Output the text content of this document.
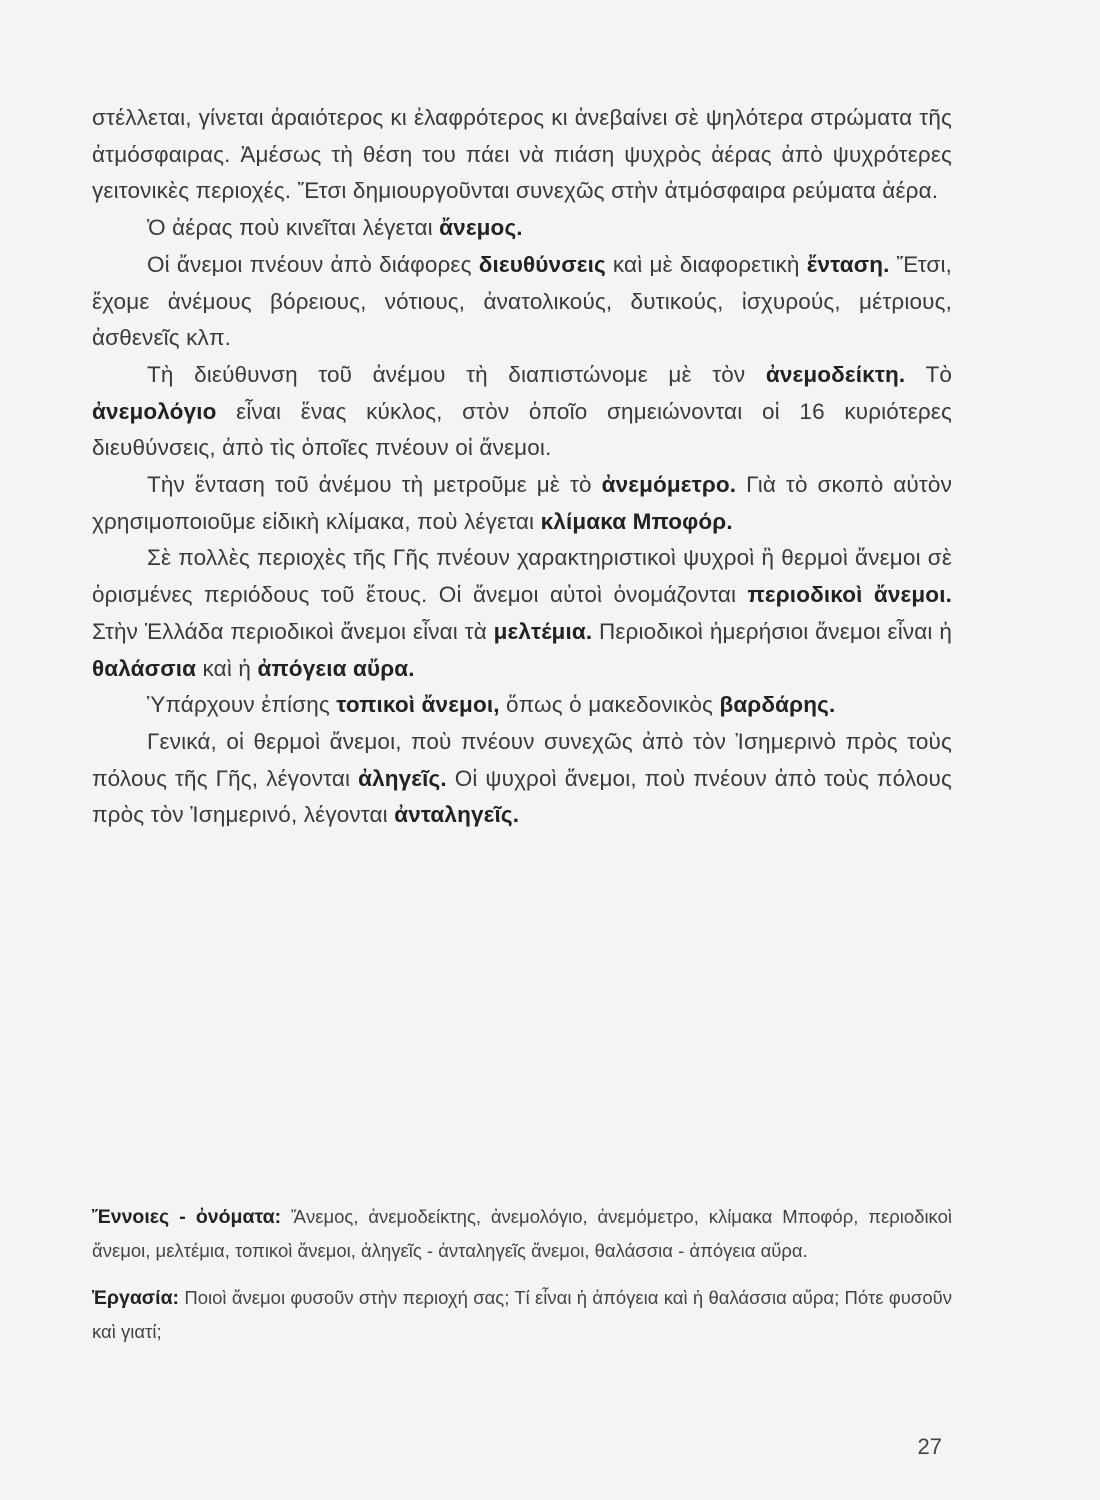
στέλλεται, γίνεται ἀραιότερος κι ἐλαφρότερος κι ἀνεβαίνει σὲ ψηλότερα στρώματα τῆς ἀτμόσφαιρας. Ἀμέσως τὴ θέση του πάει νὰ πιάση ψυχρὸς ἀέρας ἀπὸ ψυχρότερες γειτονικὲς περιοχές. Ἔτσι δημιουργοῦνται συνεχῶς στὴν ἀτμόσφαιρα ρεύματα ἀέρα.

Ὁ ἀέρας ποὺ κινεῖται λέγεται ἄνεμος.

Οἱ ἄνεμοι πνέουν ἀπὸ διάφορες διευθύνσεις καὶ μὲ διαφορετικὴ ἔνταση. Ἔτσι, ἔχομε ἀνέμους βόρειους, νότιους, ἀνατολικούς, δυτικούς, ἰσχυρούς, μέτριους, ἀσθενεῖς κλπ.

Τὴ διεύθυνση τοῦ ἀνέμου τὴ διαπιστώνομε μὲ τὸν ἀνεμοδείκτη. Τὸ ἀνεμολόγιο εἶναι ἕνας κύκλος, στὸν ὁποῖο σημειώνονται οἱ 16 κυριότερες διευθύνσεις, ἀπὸ τὶς ὁποῖες πνέουν οἱ ἄνεμοι.

Τὴν ἔνταση τοῦ ἀνέμου τὴ μετροῦμε μὲ τὸ ἀνεμόμετρο. Γιὰ τὸ σκοπὸ αὐτὸν χρησιμοποιοῦμε εἰδικὴ κλίμακα, ποὺ λέγεται κλίμακα Μποφόρ.

Σὲ πολλὲς περιοχὲς τῆς Γῆς πνέουν χαρακτηριστικοὶ ψυχροὶ ἢ θερμοὶ ἄνεμοι σὲ ὁρισμένες περιόδους τοῦ ἔτους. Οἱ ἄνεμοι αὐτοὶ ὀνομάζονται περιοδικοὶ ἄνεμοι. Στὴν Ἑλλάδα περιοδικοὶ ἄνεμοι εἶναι τὰ μελτέμια. Περιοδικοὶ ἡμερήσιοι ἄνεμοι εἶναι ἡ θαλάσσια καὶ ἡ ἀπόγεια αὔρα.

Ὑπάρχουν ἐπίσης τοπικοὶ ἄνεμοι, ὅπως ὁ μακεδονικὸς βαρδάρης.

Γενικά, οἱ θερμοὶ ἄνεμοι, ποὺ πνέουν συνεχῶς ἀπὸ τὸν Ἰσημερινὸ πρὸς τοὺς πόλους τῆς Γῆς, λέγονται ἀληγεῖς. Οἱ ψυχροὶ ἄνεμοι, ποὺ πνέουν ἀπὸ τοὺς πόλους πρὸς τὸν Ἰσημερινό, λέγονται ἀνταληγεῖς.

Ἔννοιες - ὀνόματα: Ἄνεμος, ἀνεμοδείκτης, ἀνεμολόγιο, ἀνεμόμετρο, κλίμακα Μποφόρ, περιοδικοὶ ἄνεμοι, μελτέμια, τοπικοὶ ἄνεμοι, ἀληγεῖς - ἀνταληγεῖς ἄνεμοι, θαλάσσια - ἀπόγεια αὔρα.

Ἐργασία: Ποιοὶ ἄνεμοι φυσοῦν στὴν περιοχή σας; Τί εἶναι ἡ ἀπόγεια καὶ ἡ θαλάσσια αὔρα; Πότε φυσοῦν καὶ γιατί;

27
